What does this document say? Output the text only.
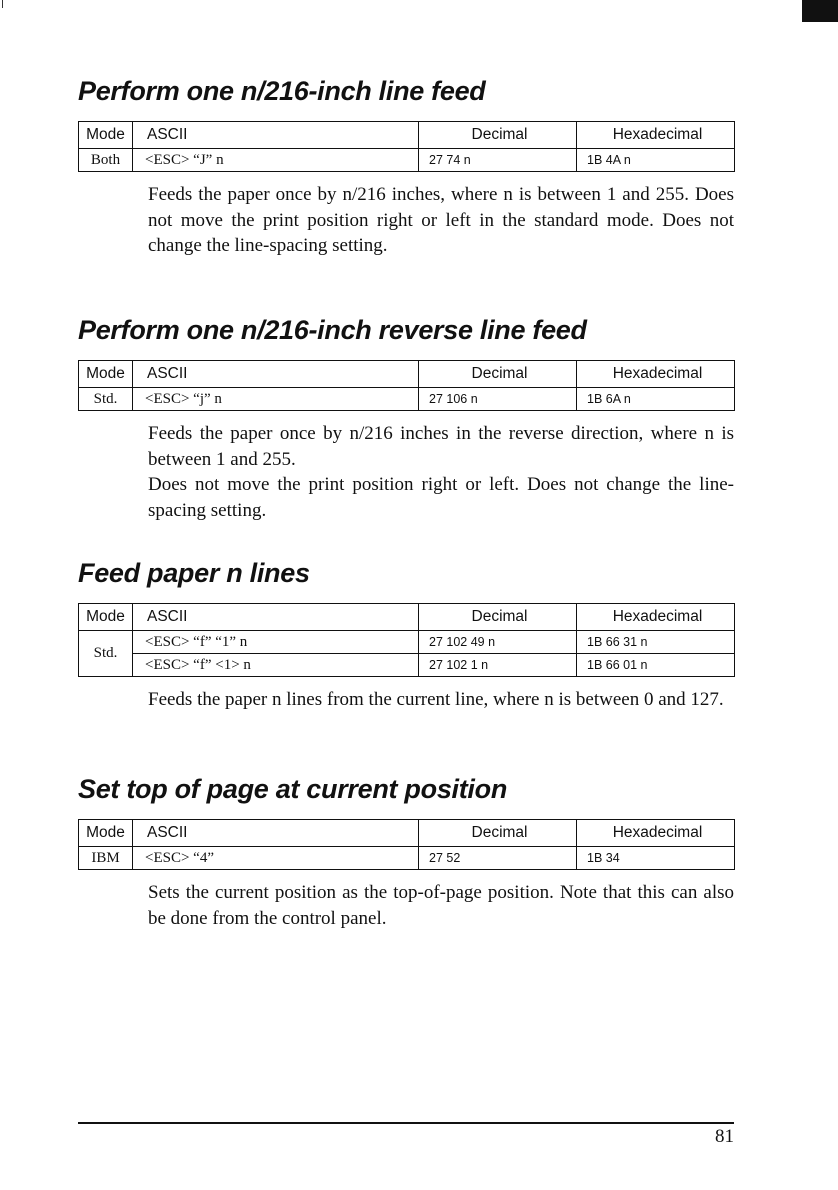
Perform one n/216-inch line feed
Mode	ASCII	Decimal	Hexadecimal
Both	<ESC> “J” n	27 74 n	1B 4A n

Feeds the paper once by n/216 inches, where n is between 1 and 255. Does not move the print position right or left in the standard mode. Does not change the line-spacing setting.

Perform one n/216-inch reverse line feed
Mode	ASCII	Decimal	Hexadecimal
Std.	<ESC> “j” n	27 106 n	1B 6A n

Feeds the paper once by n/216 inches in the reverse direction, where n is between 1 and 255.

Does not move the print position right or left. Does not change the line-spacing setting.

Feed paper n lines
Mode	ASCII	Decimal	Hexadecimal
Std.	<ESC> “f” “1” n	27 102 49 n	1B 66 31 n
	<ESC> “f” <1> n	27 102 1 n	1B 66 01 n

Feeds the paper n lines from the current line, where n is between 0 and 127.

Set top of page at current position
Mode	ASCII	Decimal	Hexadecimal
IBM	<ESC> “4”	27 52	1B 34

Sets the current position as the top-of-page position. Note that this can also be done from the control panel.

81
